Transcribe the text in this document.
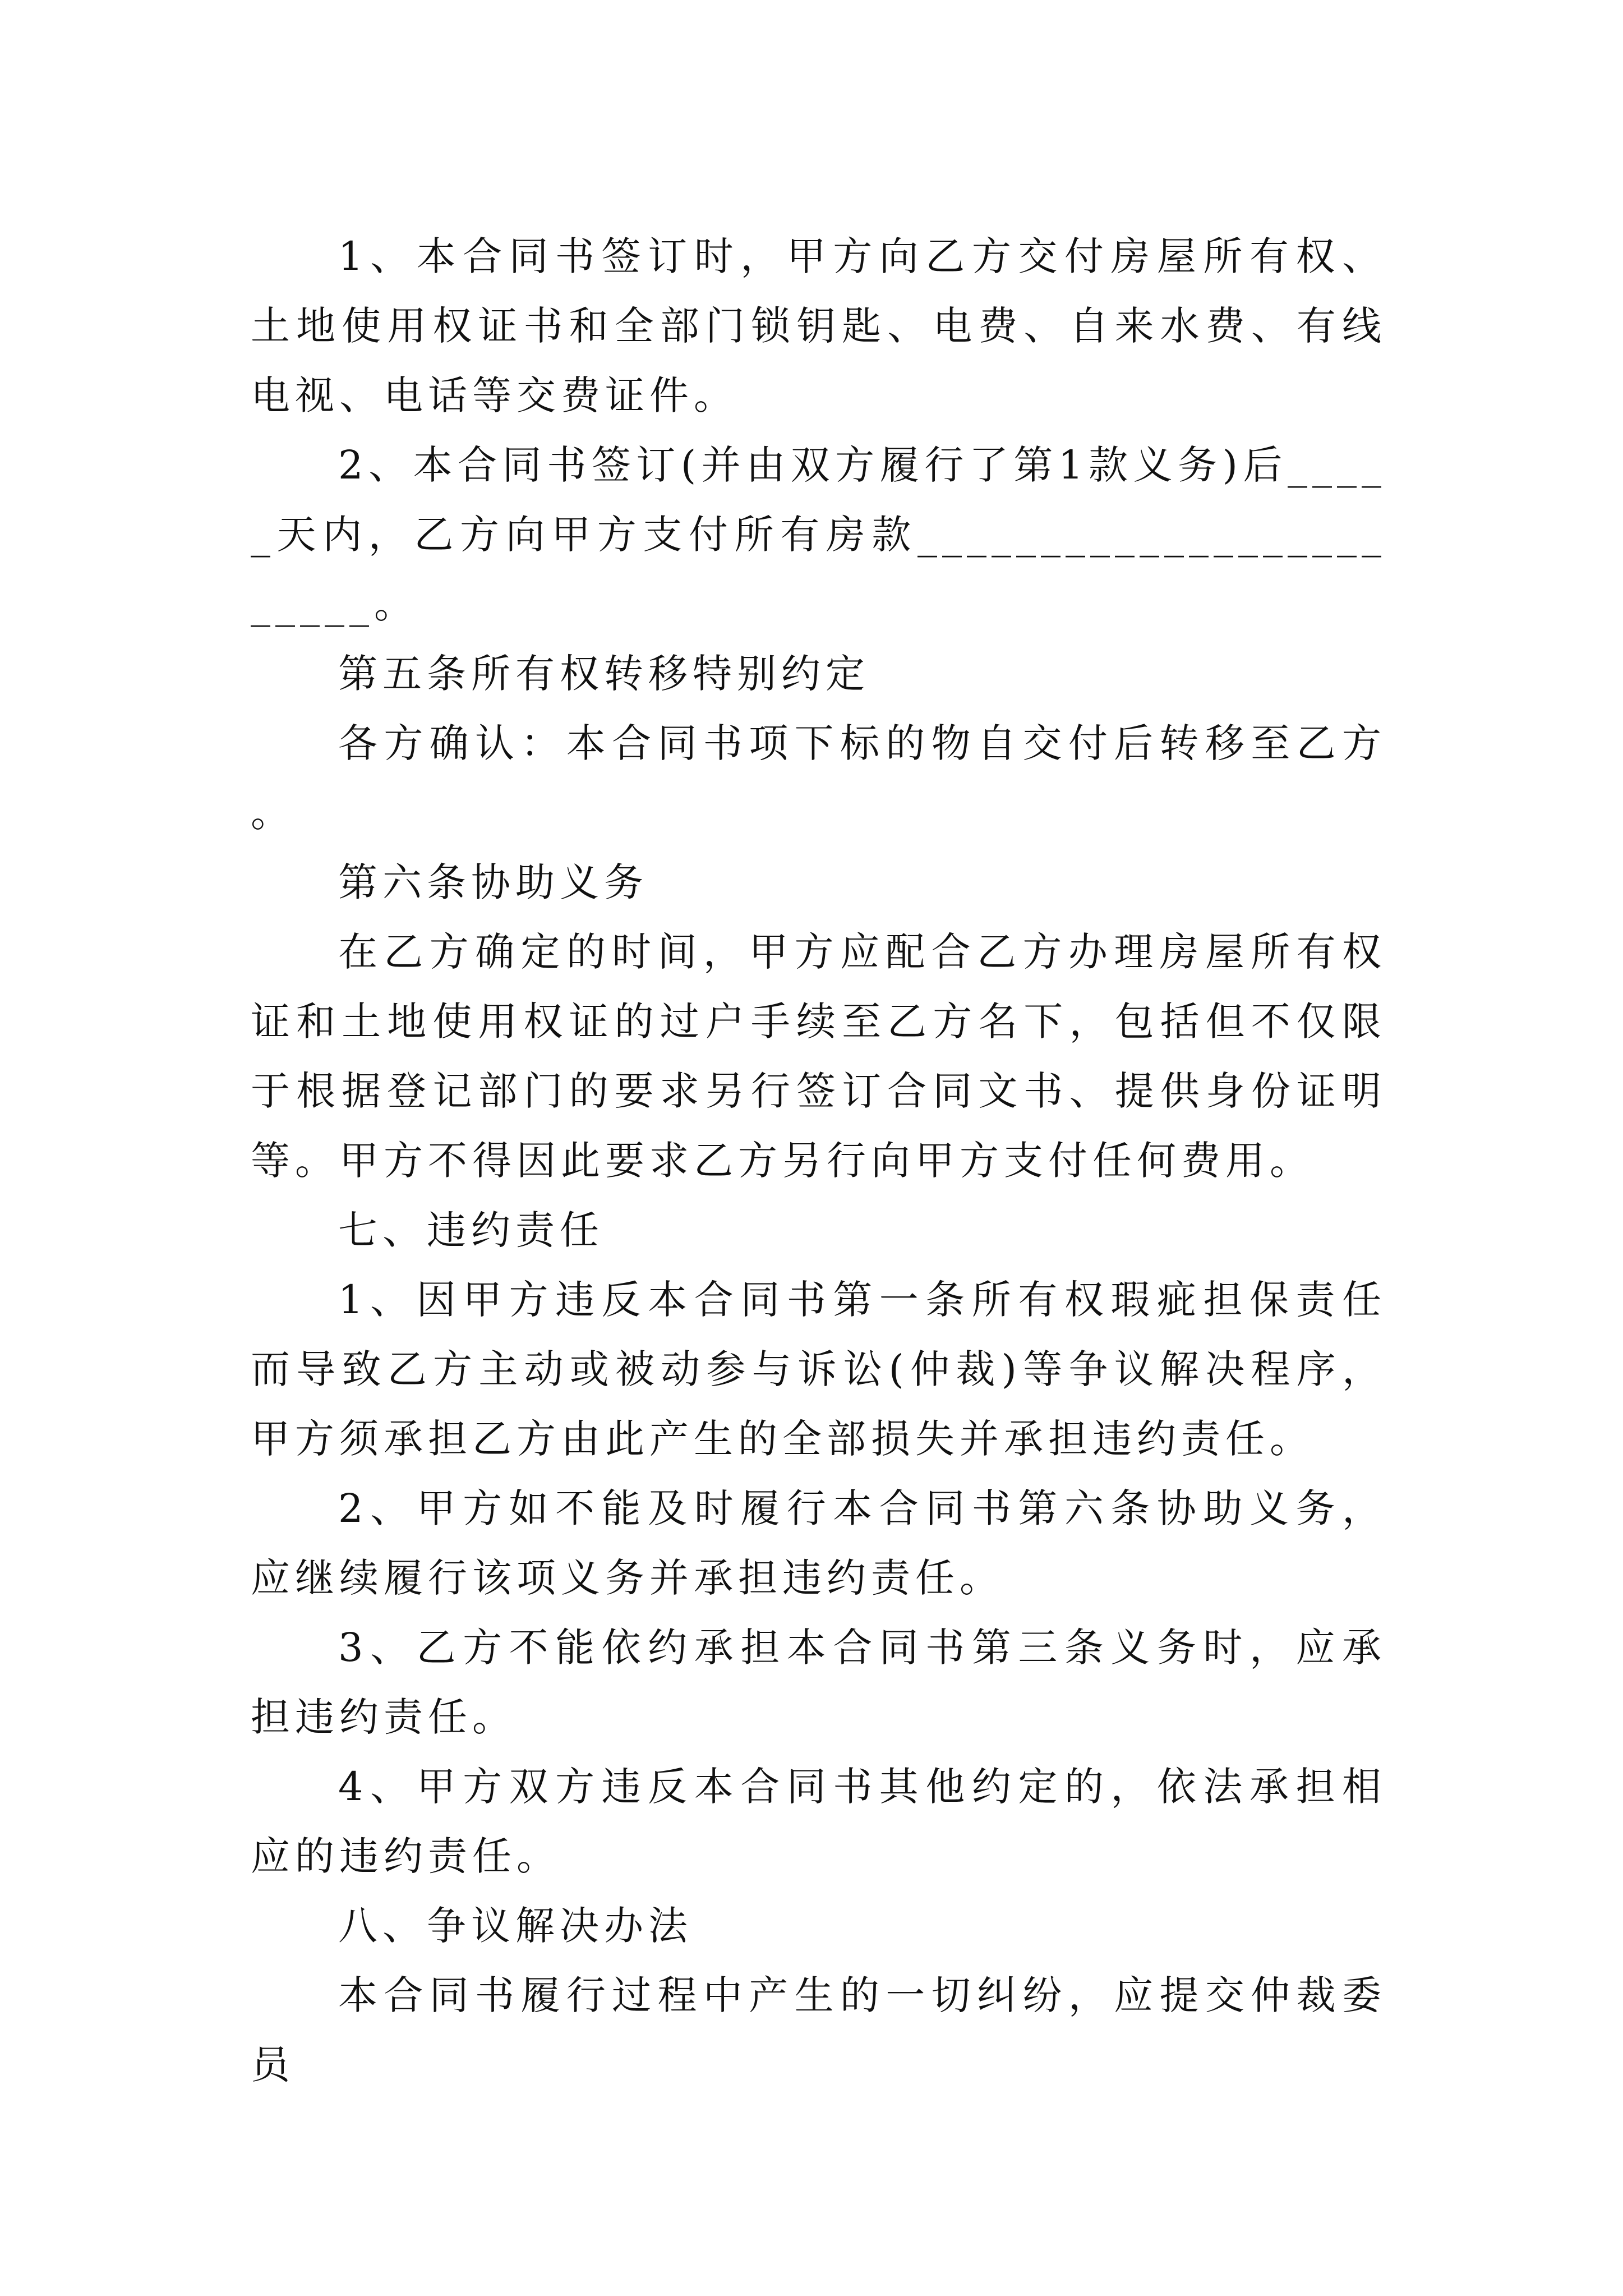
1、本合同书签订时，甲方向乙方交付房屋所有权、土地使用权证书和全部门锁钥匙、电费、自来水费、有线电视、电话等交费证件。

2、本合同书签订(并由双方履行了第1款义务)后_____天内，乙方向甲方支付所有房款________________________。

第五条所有权转移特别约定

各方确认：本合同书项下标的物自交付后转移至乙方。

第六条协助义务

在乙方确定的时间，甲方应配合乙方办理房屋所有权证和土地使用权证的过户手续至乙方名下，包括但不仅限于根据登记部门的要求另行签订合同文书、提供身份证明等。甲方不得因此要求乙方另行向甲方支付任何费用。

七、违约责任

1、因甲方违反本合同书第一条所有权瑕疵担保责任而导致乙方主动或被动参与诉讼(仲裁)等争议解决程序，甲方须承担乙方由此产生的全部损失并承担违约责任。

2、甲方如不能及时履行本合同书第六条协助义务，应继续履行该项义务并承担违约责任。

3、乙方不能依约承担本合同书第三条义务时，应承担违约责任。

4、甲方双方违反本合同书其他约定的，依法承担相应的违约责任。

八、争议解决办法

本合同书履行过程中产生的一切纠纷，应提交仲裁委员
